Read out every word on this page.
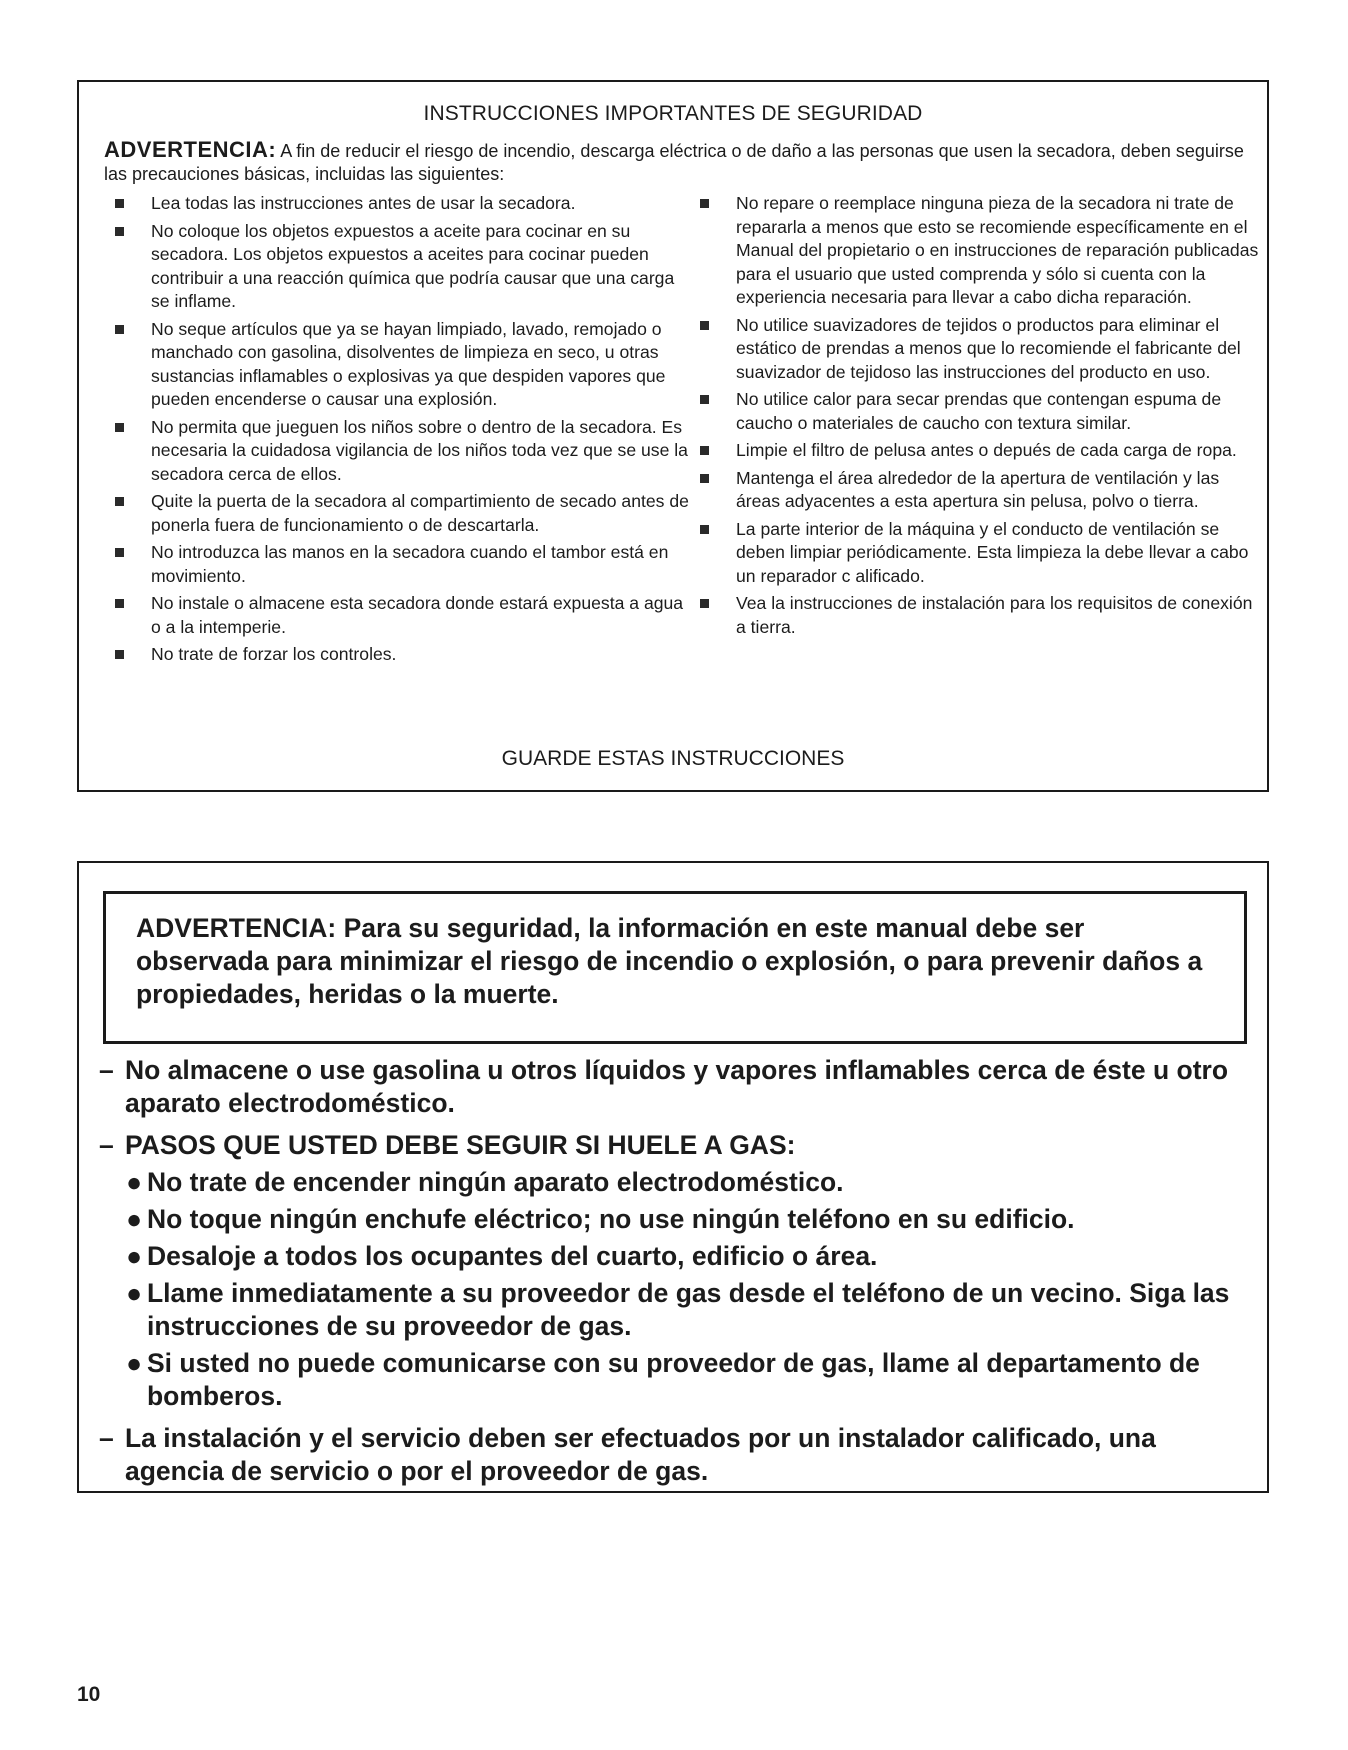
INSTRUCCIONES IMPORTANTES DE SEGURIDAD
ADVERTENCIA: A fin de reducir el riesgo de incendio, descarga eléctrica o de daño a las personas que usen la secadora, deben seguirse las precauciones básicas, incluidas las siguientes:
Lea todas las instrucciones antes de usar la secadora.
No coloque los objetos expuestos a aceite para cocinar en su secadora. Los objetos expuestos a aceites para cocinar pueden contribuir a una reacción química que podría causar que una carga se inflame.
No seque artículos que ya se hayan limpiado, lavado, remojado o manchado con gasolina, disolventes de limpieza en seco, u otras sustancias inflamables o explosivas ya que despiden vapores que pueden encenderse o causar una explosión.
No permita que jueguen los niños sobre o dentro de la secadora. Es necesaria la cuidadosa vigilancia de los niños toda vez que se use la secadora cerca de ellos.
Quite la puerta de la secadora al compartimiento de secado antes de ponerla fuera de funcionamiento o de descartarla.
No introduzca las manos en la secadora cuando el tambor está en movimiento.
No instale o almacene esta secadora donde estará expuesta a agua o a la intemperie.
No trate de forzar los controles.
No repare o reemplace ninguna pieza de la secadora ni trate de repararla a menos que esto se recomiende específicamente en el Manual del propietario o en instrucciones de reparación publicadas para el usuario que usted comprenda y sólo si cuenta con la experiencia necesaria para llevar a cabo dicha reparación.
No utilice suavizadores de tejidos o productos para eliminar el estático de prendas a menos que lo recomiende el fabricante del suavizador de tejidoso las instrucciones del producto en uso.
No utilice calor para secar prendas que contengan espuma de caucho o materiales de caucho con textura similar.
Limpie el filtro de pelusa antes o depués de cada carga de ropa.
Mantenga el área alrededor de la apertura de ventilación y las áreas adyacentes a esta apertura sin pelusa, polvo o tierra.
La parte interior de la máquina y el conducto de ventilación se deben limpiar periódicamente. Esta limpieza la debe llevar a cabo un reparador c alificado.
Vea la instrucciones de instalación para los requisitos de conexión a tierra.
GUARDE ESTAS INSTRUCCIONES
ADVERTENCIA: Para su seguridad, la información en este manual debe ser observada para minimizar el riesgo de incendio o explosión, o para prevenir daños a propiedades, heridas o la muerte.
– No almacene o use gasolina u otros líquidos y vapores inflamables cerca de éste u otro aparato electrodoméstico.
– PASOS QUE USTED DEBE SEGUIR SI HUELE A GAS:
● No trate de encender ningún aparato electrodoméstico.
● No toque ningún enchufe eléctrico; no use ningún teléfono en su edificio.
● Desaloje a todos los ocupantes del cuarto, edificio o área.
● Llame inmediatamente a su proveedor de gas desde el teléfono de un vecino. Siga las instrucciones de su proveedor de gas.
● Si usted no puede comunicarse con su proveedor de gas, llame al departamento de bomberos.
– La instalación y el servicio deben ser efectuados por un instalador calificado, una agencia de servicio o por el proveedor de gas.
10
